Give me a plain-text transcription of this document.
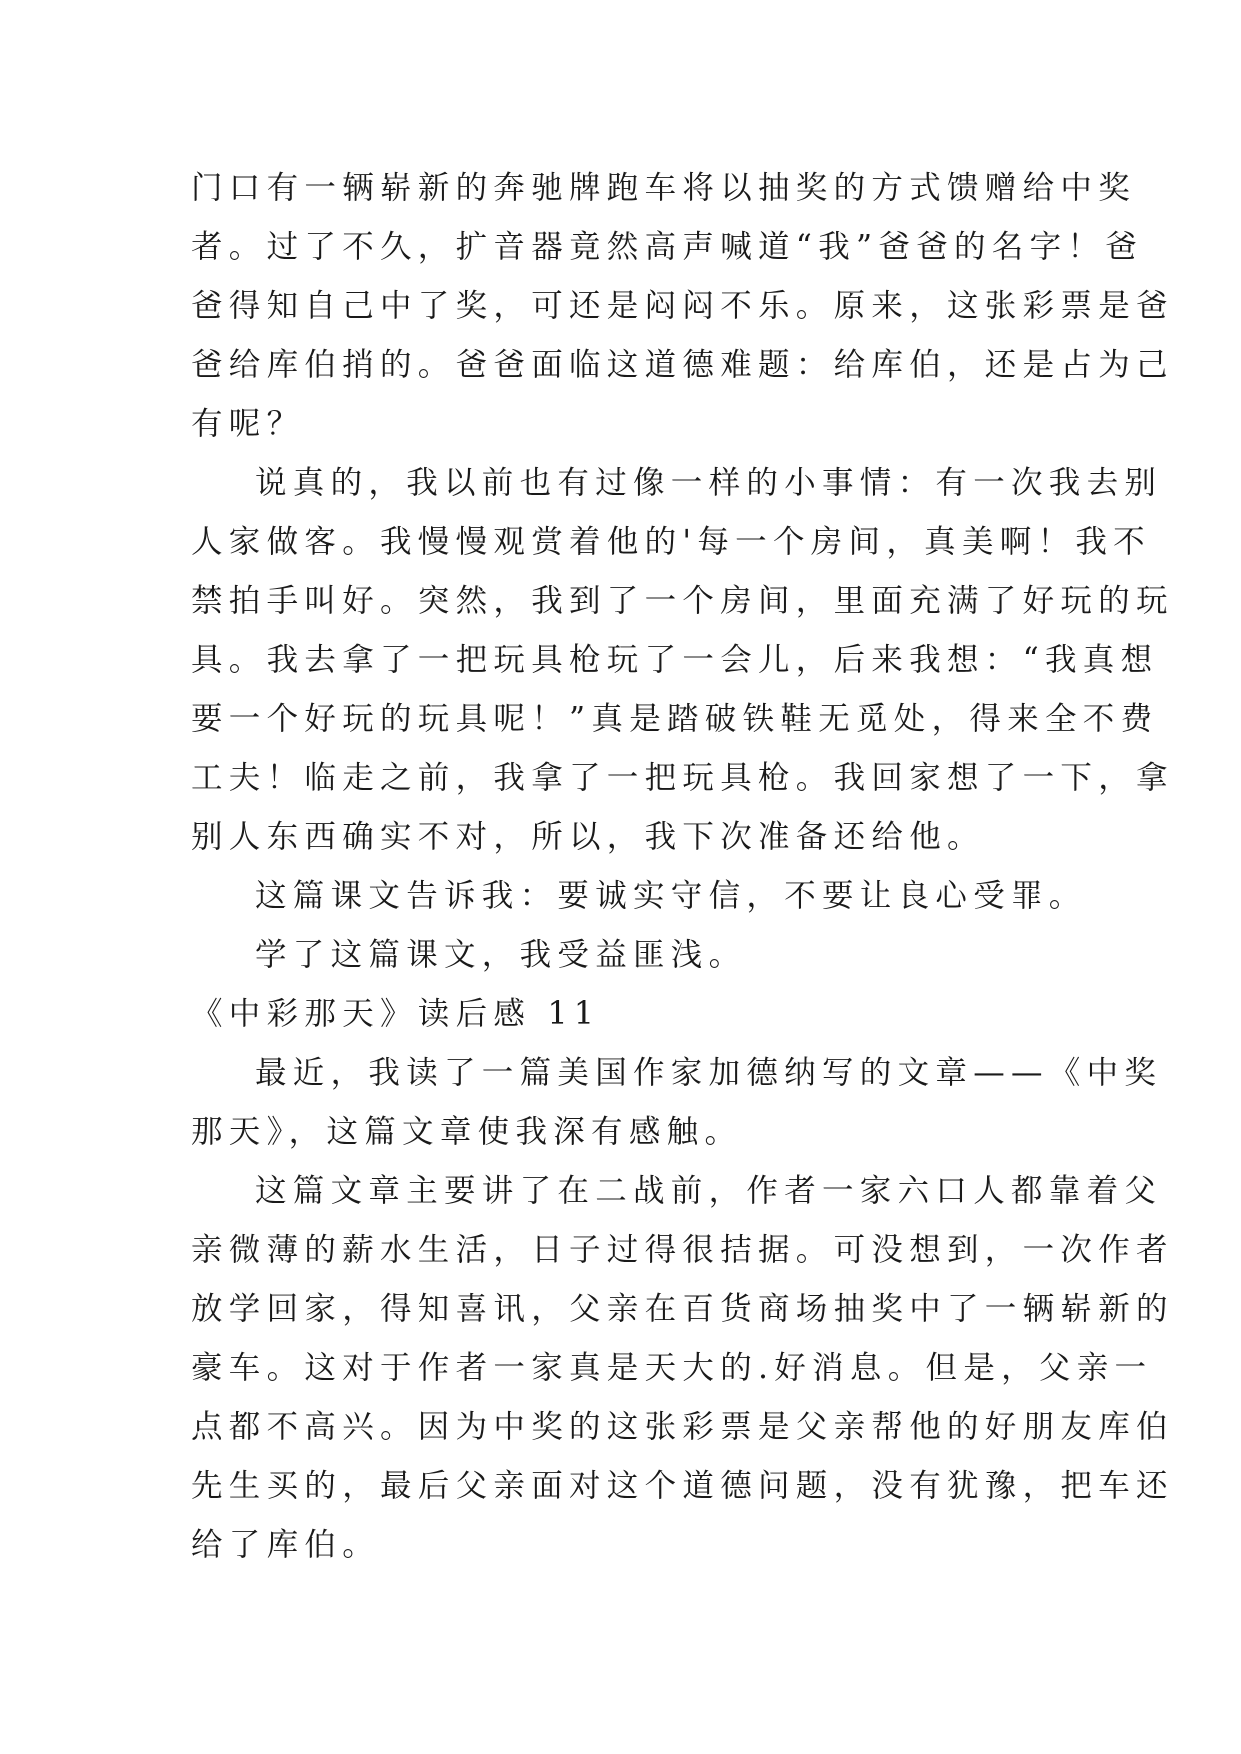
门口有一辆崭新的奔驰牌跑车将以抽奖的方式馈赠给中奖
者。过了不久，扩音器竟然高声喊道“我”爸爸的名字！爸
爸得知自己中了奖，可还是闷闷不乐。原来，这张彩票是爸
爸给库伯捎的。爸爸面临这道德难题：给库伯，还是占为己
有呢？
说真的，我以前也有过像一样的小事情：有一次我去别
人家做客。我慢慢观赏着他的'每一个房间，真美啊！我不
禁拍手叫好。突然，我到了一个房间，里面充满了好玩的玩
具。我去拿了一把玩具枪玩了一会儿，后来我想：“我真想
要一个好玩的玩具呢！”真是踏破铁鞋无觅处，得来全不费
工夫！临走之前，我拿了一把玩具枪。我回家想了一下，拿
别人东西确实不对，所以，我下次准备还给他。
这篇课文告诉我：要诚实守信，不要让良心受罪。
学了这篇课文，我受益匪浅。
《中彩那天》读后感 11
最近，我读了一篇美国作家加德纳写的文章——《中奖
那天》，这篇文章使我深有感触。
这篇文章主要讲了在二战前，作者一家六口人都靠着父
亲微薄的薪水生活，日子过得很拮据。可没想到，一次作者
放学回家，得知喜讯，父亲在百货商场抽奖中了一辆崭新的
豪车。这对于作者一家真是天大的.好消息。但是，父亲一
点都不高兴。因为中奖的这张彩票是父亲帮他的好朋友库伯
先生买的，最后父亲面对这个道德问题，没有犹豫，把车还
给了库伯。
